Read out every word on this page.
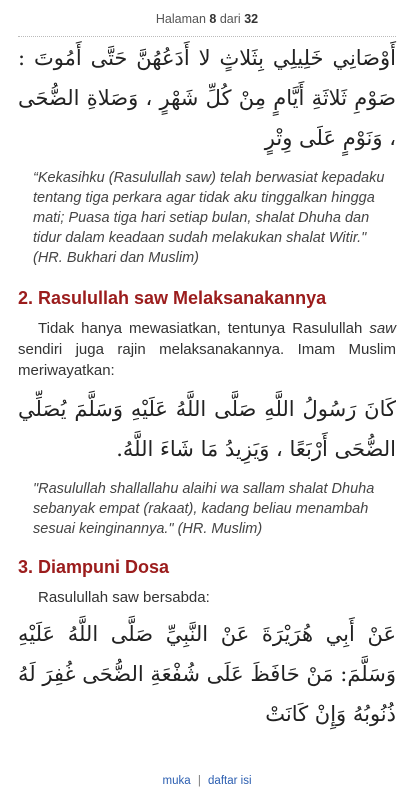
Halaman 8 dari 32
أَوْصَانِي خَلِيلِي بِثَلاثٍ لا أَدَعُهُنَّ حَتَّى أَمُوتَ : صَوْمِ ثَلاثَةِ أَيَّامٍ مِنْ كُلِّ شَهْرٍ ، وَصَلاةِ الضُّحَى ، وَنَوْمٍ عَلَى وِتْرٍ
“Kekasihku (Rasulullah saw) telah berwasiat kepadaku tentang tiga perkara agar tidak aku tinggalkan hingga mati; Puasa tiga hari setiap bulan, shalat Dhuha dan tidur dalam keadaan sudah melakukan shalat Witir." (HR. Bukhari dan Muslim)
2. Rasulullah saw Melaksanakannya
Tidak hanya mewasiatkan, tentunya Rasulullah saw sendiri juga rajin melaksanakannya. Imam Muslim meriwayatkan:
كَانَ رَسُولُ اللَّهِ صَلَّى اللَّهُ عَلَيْهِ وَسَلَّمَ يُصَلِّي الضُّحَى أَرْبَعًا ، وَيَزِيدُ مَا شَاءَ اللَّهُ.
"Rasulullah shallallahu alaihi wa sallam shalat Dhuha sebanyak empat (rakaat), kadang beliau menambah sesuai keinginannya." (HR. Muslim)
3. Diampuni Dosa
Rasulullah saw bersabda:
عَنْ أَبِي هُرَيْرَةَ عَنْ النَّبِيِّ صَلَّى اللَّهُ عَلَيْهِ وَسَلَّمَ: مَنْ حَافَظَ عَلَى شُفْعَةِ الضُّحَى غُفِرَ لَهُ ذُنُوبُهُ وَإِنْ كَانَتْ
muka | daftar isi
